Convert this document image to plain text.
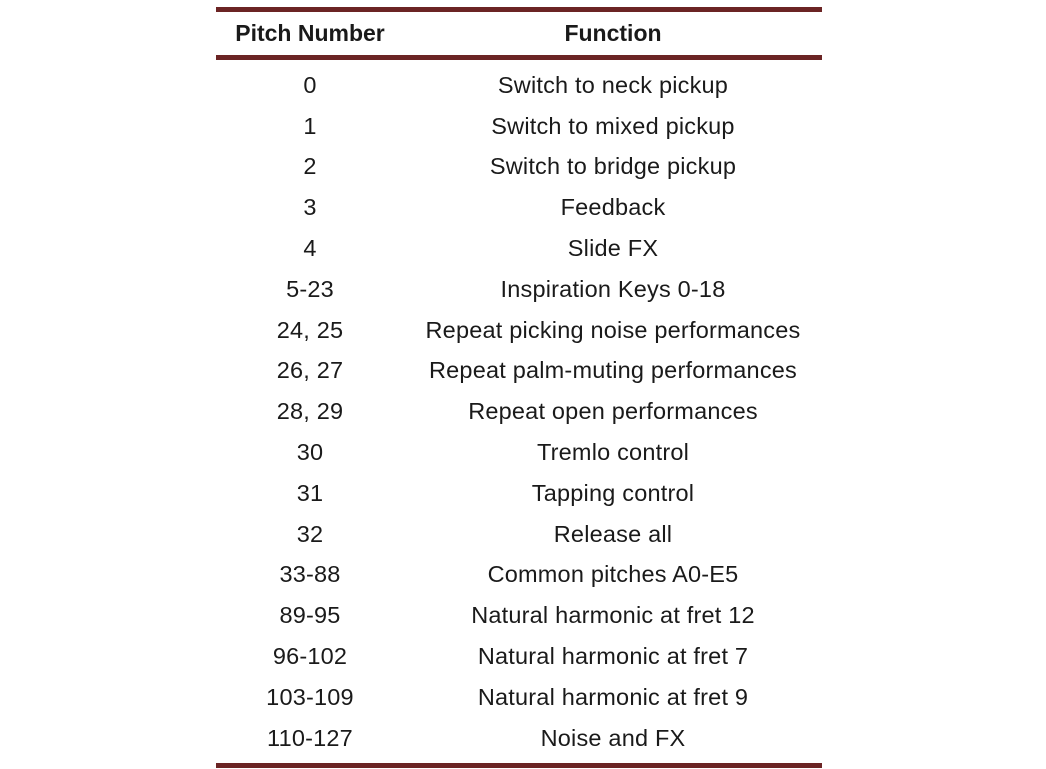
Pitch Number	Function
0	Switch to neck pickup
1	Switch to mixed pickup
2	Switch to bridge pickup
3	Feedback
4	Slide FX
5-23	Inspiration Keys 0-18
24, 25	Repeat picking noise performances
26, 27	Repeat palm-muting performances
28, 29	Repeat open performances
30	Tremlo control
31	Tapping control
32	Release all
33-88	Common pitches A0-E5
89-95	Natural harmonic at fret 12
96-102	Natural harmonic at fret 7
103-109	Natural harmonic at fret 9
110-127	Noise and FX
